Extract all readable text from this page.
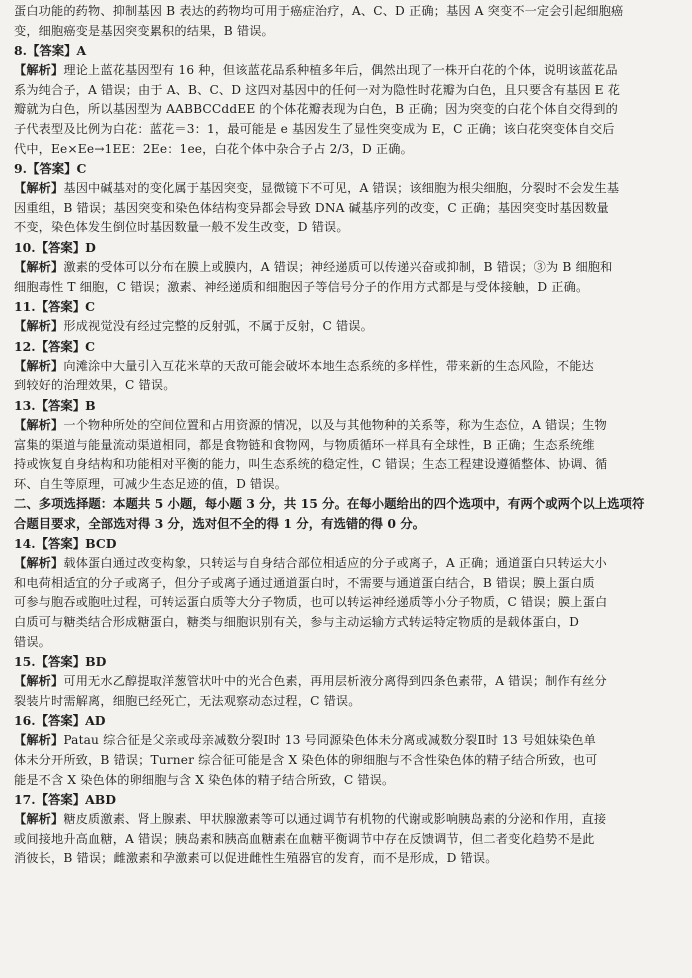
蛋白功能的药物、抑制基因 B 表达的药物均可用于癌症治疗，A、C、D 正确；基因 A 突变不一定会引起细胞癌

变，细胞癌变是基因突变累积的结果，B 错误。

8.【答案】A

【解析】理论上蓝花基因型有 16 种，但该蓝花品系种植多年后，偶然出现了一株开白花的个体，说明该蓝花品

系为纯合子，A 错误；由于 A、B、C、D 这四对基因中的任何一对为隐性时花瓣为白色，且只要含有基因 E 花

瓣就为白色，所以基因型为 AABBCCddEE 的个体花瓣表现为白色，B 正确；因为突变的白花个体自交得到的

子代表型及比例为白花：蓝花＝3：1，最可能是 e 基因发生了显性突变成为 E，C 正确；该白花突变体自交后

代中，Ee×Ee→1EE：2Ee：1ee，白花个体中杂合子占 2/3，D 正确。

9.【答案】C

【解析】基因中碱基对的变化属于基因突变，显微镜下不可见，A 错误；该细胞为根尖细胞，分裂时不会发生基

因重组，B 错误；基因突变和染色体结构变异都会导致 DNA 碱基序列的改变，C 正确；基因突变时基因数量

不变，染色体发生倒位时基因数量一般不发生改变，D 错误。

10.【答案】D

【解析】激素的受体可以分布在膜上或膜内，A 错误；神经递质可以传递兴奋或抑制，B 错误；③为 B 细胞和

细胞毒性 T 细胞，C 错误；激素、神经递质和细胞因子等信号分子的作用方式都是与受体接触，D 正确。

11.【答案】C

【解析】形成视觉没有经过完整的反射弧，不属于反射，C 错误。

12.【答案】C

【解析】向滩涂中大量引入互花米草的天敌可能会破坏本地生态系统的多样性，带来新的生态风险，不能达

到较好的治理效果，C 错误。

13.【答案】B

【解析】一个物种所处的空间位置和占用资源的情况，以及与其他物种的关系等，称为生态位，A 错误；生物

富集的渠道与能量流动渠道相同，都是食物链和食物网，与物质循环一样具有全球性，B 正确；生态系统维

持或恢复自身结构和功能相对平衡的能力，叫生态系统的稳定性，C 错误；生态工程建设遵循整体、协调、循

环、自生等原理，可减少生态足迹的值，D 错误。

二、多项选择题：本题共 5 小题，每小题 3 分，共 15 分。在每小题给出的四个选项中，有两个或两个以上选项符

合题目要求，全部选对得 3 分，选对但不全的得 1 分，有选错的得 0 分。

14.【答案】BCD

【解析】载体蛋白通过改变构象，只转运与自身结合部位相适应的分子或离子，A 正确；通道蛋白只转运大小

和电荷相适宜的分子或离子，但分子或离子通过通道蛋白时，不需要与通道蛋白结合，B 错误；膜上蛋白质

可参与胞吞或胞吐过程，可转运蛋白质等大分子物质，也可以转运神经递质等小分子物质，C 错误；膜上蛋白

白质可与糖类结合形成糖蛋白，糖类与细胞识别有关，参与主动运输方式转运特定物质的是载体蛋白，D

错误。

15.【答案】BD

【解析】可用无水乙醇提取洋葱管状叶中的光合色素，再用层析液分离得到四条色素带，A 错误；制作有丝分

裂装片时需解离，细胞已经死亡，无法观察动态过程，C 错误。

16.【答案】AD

【解析】Patau 综合征是父亲或母亲减数分裂Ⅰ时 13 号同源染色体未分离或减数分裂Ⅱ时 13 号姐妹染色单

体未分开所致，B 错误；Turner 综合征可能是含 X 染色体的卵细胞与不含性染色体的精子结合所致，也可

能是不含 X 染色体的卵细胞与含 X 染色体的精子结合所致，C 错误。

17.【答案】ABD

【解析】糖皮质激素、肾上腺素、甲状腺激素等可以通过调节有机物的代谢或影响胰岛素的分泌和作用，直接

或间接地升高血糖，A 错误；胰岛素和胰高血糖素在血糖平衡调节中存在反馈调节，但二者变化趋势不是此

消彼长，B 错误；雌激素和孕激素可以促进雌性生殖器官的发育，而不是形成，D 错误。
